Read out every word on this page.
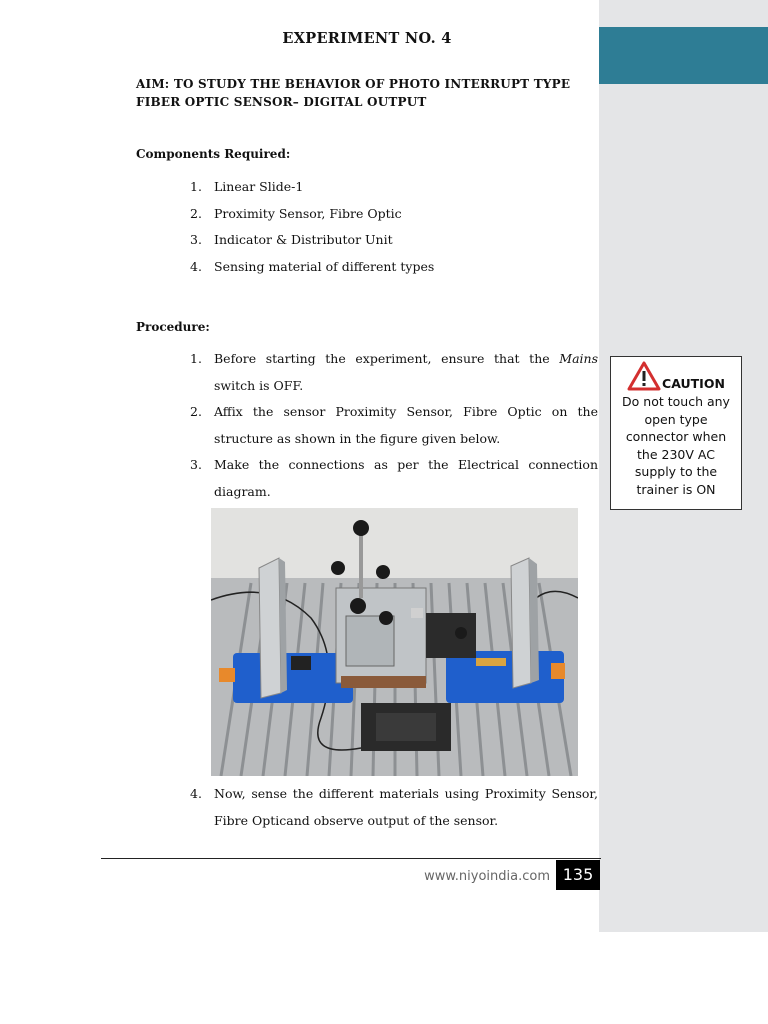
EXPERIMENT NO. 4
AIM: TO STUDY THE BEHAVIOR OF PHOTO INTERRUPT TYPE
FIBER OPTIC SENSOR– DIGITAL OUTPUT
Components Required:
1. Linear Slide-1
2. Proximity Sensor, Fibre Optic
3. Indicator & Distributor Unit
4. Sensing material of different types
Procedure:
1. Before starting the experiment, ensure that the Mains switch is OFF.
2. Affix the sensor Proximity Sensor, Fibre Optic on the structure as shown in the figure given below.
3. Make the connections as per the Electrical connection diagram.
4. Now, sense the different materials using Proximity Sensor, Fibre Opticand observe output of the sensor.
CAUTION
Do not touch any open type connector when the 230V AC supply to the trainer is ON
www.niyoindia.com 135
